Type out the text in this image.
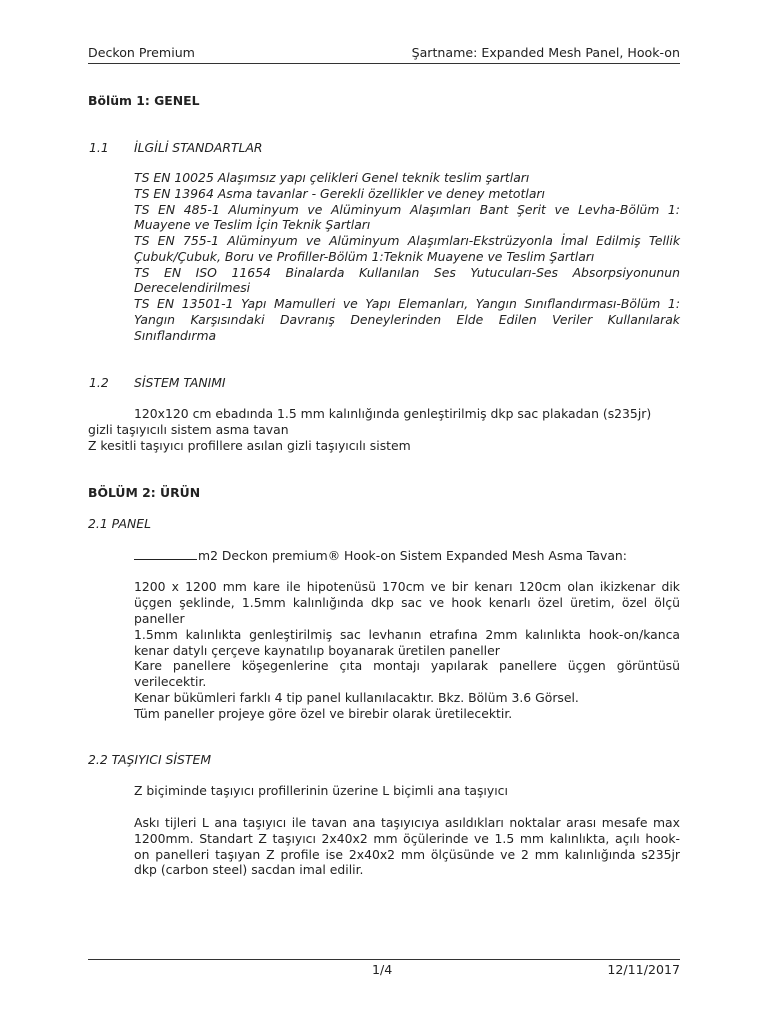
Deckon Premium	Şartname: Expanded Mesh Panel, Hook-on
Bölüm 1: GENEL
1.1 İLGİLİ STANDARTLAR
TS EN 10025 Alaşımsız yapı çelikleri Genel teknik teslim şartları
TS EN 13964 Asma tavanlar - Gerekli özellikler ve deney metotları
TS EN 485-1 Aluminyum ve Alüminyum Alaşımları Bant Şerit ve Levha-Bölüm 1:
Muayene ve Teslim İçin Teknik Şartları
TS EN 755-1 Alüminyum ve Alüminyum Alaşımları-Ekstrüzyonla İmal Edilmiş Tellik
Çubuk/Çubuk, Boru ve Profiller-Bölüm 1:Teknik Muayene ve Teslim Şartları
TS EN ISO 11654 Binalarda Kullanılan Ses Yutucuları-Ses Absorpsiyonunun
Derecelendirilmesi
TS EN 13501-1 Yapı Mamulleri ve Yapı Elemanları, Yangın Sınıflandırması-Bölüm 1:
Yangın Karşısındaki Davranış Deneylerinden Elde Edilen Veriler Kullanılarak
Sınıflandırma
1.2 SİSTEM TANIMI
120x120 cm ebadında 1.5 mm kalınlığında genleştirilmiş dkp sac plakadan (s235jr)
gizli taşıyıcılı sistem asma tavan
Z kesitli taşıyıcı profillere asılan gizli taşıyıcılı sistem
BÖLÜM 2: ÜRÜN
2.1 PANEL
m2 Deckon premium® Hook-on Sistem Expanded Mesh Asma Tavan:
1200 x 1200 mm kare ile hipotenüsü 170cm ve bir kenarı 120cm olan ikizkenar dik
üçgen şeklinde, 1.5mm kalınlığında dkp sac ve hook kenarlı özel üretim, özel ölçü
paneller
1.5mm kalınlıkta genleştirilmiş sac levhanın etrafına 2mm kalınlıkta hook-on/kanca
kenar datylı çerçeve kaynatılıp boyanarak üretilen paneller
Kare panellere köşegenlerine çıta montajı yapılarak panellere üçgen görüntüsü
verilecektir.
Kenar bükümleri farklı 4 tip panel kullanılacaktır. Bkz. Bölüm 3.6 Görsel.
Tüm paneller projeye göre özel ve birebir olarak üretilecektir.
2.2 TAŞIYICI SİSTEM
Z biçiminde taşıyıcı profillerinin üzerine L biçimli ana taşıyıcı
Askı tijleri L ana taşıyıcı ile tavan ana taşıyıcıya asıldıkları noktalar arası mesafe max
1200mm. Standart Z taşıyıcı 2x40x2 mm öçülerinde ve 1.5 mm kalınlıkta, açılı hook-
on panelleri taşıyan Z profile ise 2x40x2 mm ölçüsünde ve 2 mm kalınlığında s235jr
dkp (carbon steel) sacdan imal edilir.
1/4	12/11/2017
